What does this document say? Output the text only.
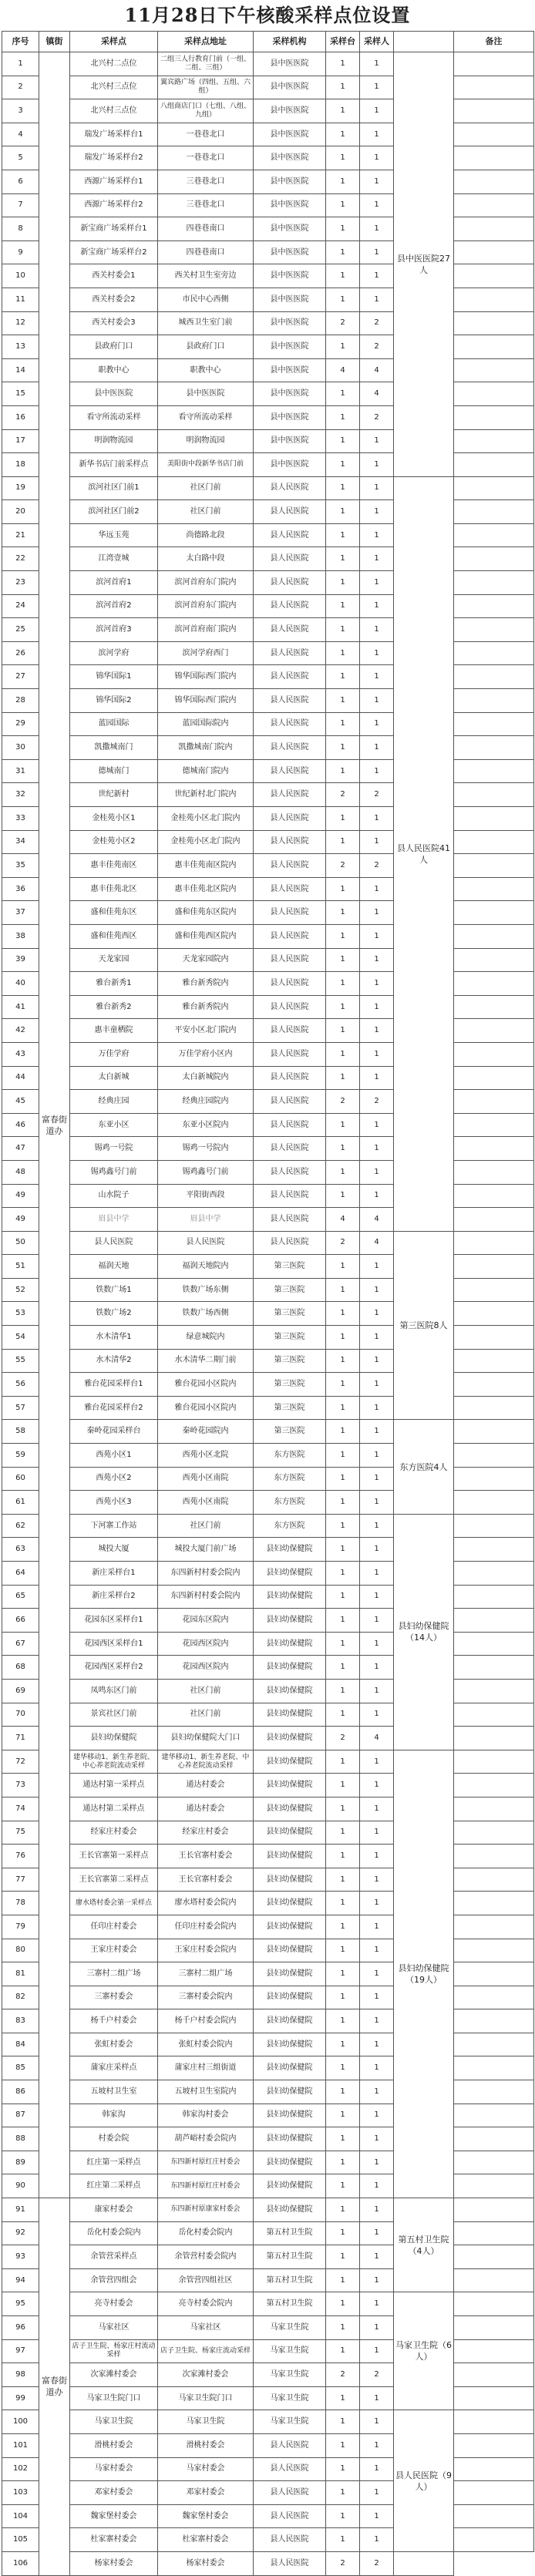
11月28日下午核酸采样点位设置
序号	镇街	采样点	采样点地址	采样机构	采样台	采样人		备注
1	富春街道办	北兴村二点位	二组三人行教育门前（一组、二组、三组）	县中医医院	1	1	县中医医院27人	
2		北兴村三点位	翼宾路广场（四组、五组、六组）	县中医医院	1	1		
3		北兴村三点位	八组商店门口（七组、八组、九组）	县中医医院	1	1		
4		瑞发广场采样台1	一巷巷北口	县中医医院	1	1		
5		瑞发广场采样台2	一巷巷北口	县中医医院	1	1		
6		西源广场采样台1	三巷巷北口	县中医医院	1	1		
7		西源广场采样台2	三巷巷北口	县中医医院	1	1		
8		新宝商广场采样台1	四巷巷南口	县中医医院	1	1		
9		新宝商广场采样台2	四巷巷南口	县中医医院	1	1		
10		西关村委会1	西关村卫生室旁边	县中医医院	1	1		
11		西关村委会2	市民中心西侧	县中医医院	1	1		
12		西关村委会3	城西卫生室门前	县中医医院	2	2		
13		县政府门口	县政府门口	县中医医院	1	2		
14		职教中心	职教中心	县中医医院	4	4		
15		县中医医院	县中医医院	县中医医院	1	4		
16		看守所流动采样	看守所流动采样	县中医医院	1	2		
17		明润物流园	明润物流园	县中医医院	1	1		
18		新华书店门前采样点	美阳街中段新华书店门前	县中医医院	1	1		
19		滨河社区门前1	社区门前	县人民医院	1	1	县人民医院41人	
20		滨河社区门前2	社区门前	县人民医院	1	1		
21		华远玉苑	尚德路北段	县人民医院	1	1		
22		江湾壹城	太白路中段	县人民医院	1	1		
23		滨河首府1	滨河首府东门院内	县人民医院	1	1		
24		滨河首府2	滨河首府东门院内	县人民医院	1	1		
25		滨河首府3	滨河首府南门院内	县人民医院	1	1		
26		滨河学府	滨河学府西门	县人民医院	1	1		
27		锦华国际1	锦华国际西门院内	县人民医院	1	1		
28		锦华国际2	锦华国际西门院内	县人民医院	1	1		
29		蓝园国际	蓝园国际院内	县人民医院	1	1		
30		凯撒城南门	凯撒城南门院内	县人民医院	1	1		
31		德城南门	德城南门院内	县人民医院	1	1		
32		世纪新村	世纪新村北门院内	县人民医院	2	2		
33		金桂苑小区1	金桂苑小区北门院内	县人民医院	1	1		
34		金桂苑小区2	金桂苑小区北门院内	县人民医院	1	1		
35		惠丰佳苑南区	惠丰佳苑南区院内	县人民医院	2	2		
36		惠丰佳苑北区	惠丰佳苑北区院内	县人民医院	1	1		
37		盛和佳苑东区	盛和佳苑东区院内	县人民医院	1	1		
38		盛和佳苑西区	盛和佳苑西区院内	县人民医院	1	1		
39		天龙家园	天龙家园院内	县人民医院	1	1		
40		雅台新秀1	雅台新秀院内	县人民医院	1	1		
41		雅台新秀2	雅台新秀院内	县人民医院	1	1		
42		惠丰童栖院	平安小区北门院内	县人民医院	1	1		
43		万佳学府	万佳学府小区内	县人民医院	1	1		
44		太白新城	太白新城院内	县人民医院	1	1		
45		经典庄园	经典庄园院内	县人民医院	2	2		
46		东亚小区	东亚小区院内	县人民医院	1	1		
47		锡鸡一号院	锡鸡一号院内	县人民医院	1	1		
48		锡鸡鑫号门前	锡鸡鑫号门前	县人民医院	1	1		
49		山水院子	平阳街西段	县人民医院	1	1		
49		眉县中学	眉县中学	县人民医院	4	4		
50		县人民医院	县人民医院	县人民医院	2	4	第三医院8人	
51		福润天地	福润天地院内	第三医院	1	1		
52		铁数广场1	铁数广场东侧	第三医院	1	1		
53		铁数广场2	铁数广场西侧	第三医院	1	1		
54		水木清华1	绿意城院内	第三医院	1	1		
55		水木清华2	水木清华二期门前	第三医院	1	1		
56		雅台花园采样台1	雅台花园小区院内	第三医院	1	1		
57		雅台花园采样台2	雅台花园小区院内	第三医院	1	1		
58		秦岭花园采样台	秦岭花园院内	第三医院	1	1	东方医院4人	
59		西苑小区1	西苑小区北院	东方医院	1	1		
60		西苑小区2	西苑小区南院	东方医院	1	1		
61		西苑小区3	西苑小区南院	东方医院	1	1		
62		下河寨工作站	社区门前	东方医院	1	1	县妇幼保健院（14人）	
63		城投大厦	城投大厦门前广场	县妇幼保健院	1	1		
64		新庄采样台1	东四新村村委会院内	县妇幼保健院	1	1		
65		新庄采样台2	东四新村村委会院内	县妇幼保健院	1	1		
66		花园东区采样台1	花园东区院内	县妇幼保健院	1	1		
67		花园西区采样台1	花园西区院内	县妇幼保健院	1	1		
68		花园西区采样台2	花园西区院内	县妇幼保健院	1	1		
69		凤鸣东区门前	社区门前	县妇幼保健院	1	1		
70		景宾社区门前	社区门前	县妇幼保健院	1	1		
71		县妇幼保健院	县妇幼保健院大门口	县妇幼保健院	2	4		
72		建华移动1、新生养老院、中心养老院流动采样	建华移动1、新生养老院、中心养老院流动采样	县妇幼保健院	1	1	县妇幼保健院（19人）	
73		通达村第一采样点	通达村委会	县妇幼保健院	1	1		
74		通达村第二采样点	通达村委会	县妇幼保健院	1	1		
75		经家庄村委会	经家庄村委会	县妇幼保健院	1	1		
76		王长官寨第一采样点	王长官寨村委会	县妇幼保健院	1	1		
77		王长官寨第二采样点	王长官寨村委会	县妇幼保健院	1	1		
78		廖水塔村委会第一采样点	廖水塔村委会院内	县妇幼保健院	1	1		
79		任印庄村委会	任印庄村委会院内	县妇幼保健院	1	1		
80		王家庄村委会	王家庄村委会院内	县妇幼保健院	1	1		
81		三寨村二组广场	三寨村二组广场	县妇幼保健院	1	1		
82		三寨村委会	三寨村委会院内	县妇幼保健院	1	1		
83		杨千户村委会	杨千户村委会院内	县妇幼保健院	1	1		
84		张虹村委会	张虹村委会院内	县妇幼保健院	1	1		
85		蒲家庄采样点	蒲家庄村三组街道	县妇幼保健院	1	1		
86		五坡村卫生室	五坡村卫生室院内	县妇幼保健院	1	1		
87		韩家沟	韩家沟村委会	县妇幼保健院	1	1		
88		村委会院	葫芦峪村委会院内	县妇幼保健院	1	1		
89		红庄第一采样点	东四新村原红庄村委会	县妇幼保健院	1	1		
90		红庄第二采样点	东四新村原红庄村委会	县妇幼保健院	1	1		
91	富春街道办	康家村委会	东四新村原康家村委会	县妇幼保健院	1	1	第五村卫生院（4人）	
92		岳化村委会院内	岳化村委会院内	第五村卫生院	1	1		
93		余管营采样点	余管营村委会院内	第五村卫生院	1	1		
94		余管营四组会	余管营四组社区	第五村卫生院	1	1		
95		亮寺村委会	亮寺村委会院内	第五村卫生院	1	1	马家卫生院（6人）	
96		马家社区	马家社区	马家卫生院	1	1		
97		店子卫生院、杨家庄村流动采样	店子卫生院、杨家庄流动采样	马家卫生院	1	1		
98		次家滩村委会	次家滩村委会	马家卫生院	2	2		
99		马家卫生院门口	马家卫生院门口	马家卫生院	1	1		
100		马家卫生院	马家卫生院	马家卫生院	1	1	县人民医院（9人）	
101		滑桃村委会	滑桃村委会	县人民医院	1	1		
102		马家村委会	马家村委会	县人民医院	1	1		
103		邓家村委会	邓家村委会	县人民医院	1	1		
104		魏家堡村委会	魏家堡村委会	县人民医院	1	1		
105		杜家寨村委会	杜家寨村委会	县人民医院	1	1		
106		杨家村委会	杨家村委会	县人民医院	2	2		
